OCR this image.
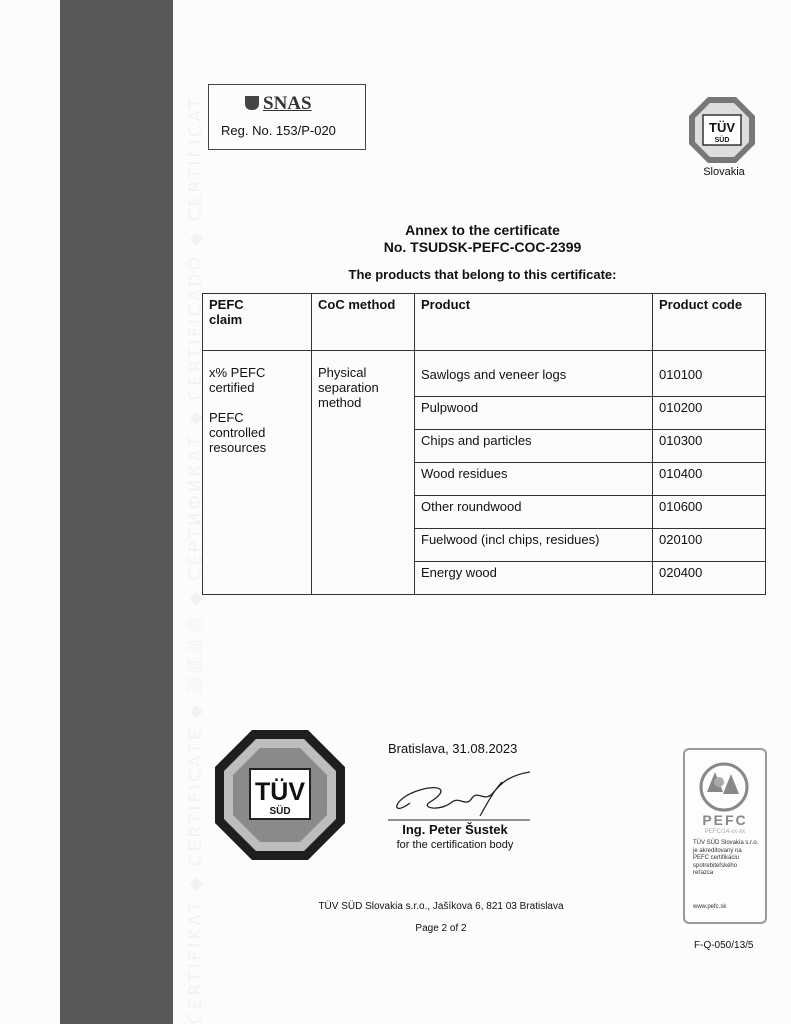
CERTIFIKAT ◆ CERTIFICATE ◆ 認証証書 ◆ СЕРТИФИКАТ ◆ CERTIFICADO ◆ CERTIFICAT	SNAS
Reg. No. 153/P-020	TÜV
SÜD
Slovakia
Annex to the certificate
No. TSUDSK-PEFC-COC-2399
The products that belong to this certificate:
PEFC
claim	CoC method	Product	Product code
x% PEFC
certified

PEFC
controlled
resources	Physical
separation
method	Sawlogs and veneer logs	010100
		Pulpwood	010200
		Chips and particles	010300
		Wood residues	010400
		Other roundwood	010600
		Fuelwood (incl chips, residues)	020100
		Energy wood	020400
TÜV
SÜD
Bratislava, 31.08.2023
Ing. Peter Šustek
for the certification body
TÜV SÜD Slovakia s.r.o., Jašíkova 6, 821 03 Bratislava
Page 2 of 2
PEFC
PEFC/14-xx-xx
TÜV SÜD Slovakia s.r.o. je akreditovaný na PEFC certifikáciu spotrebiteľského reťazca
www.pefc.sk
F-Q-050/13/5
